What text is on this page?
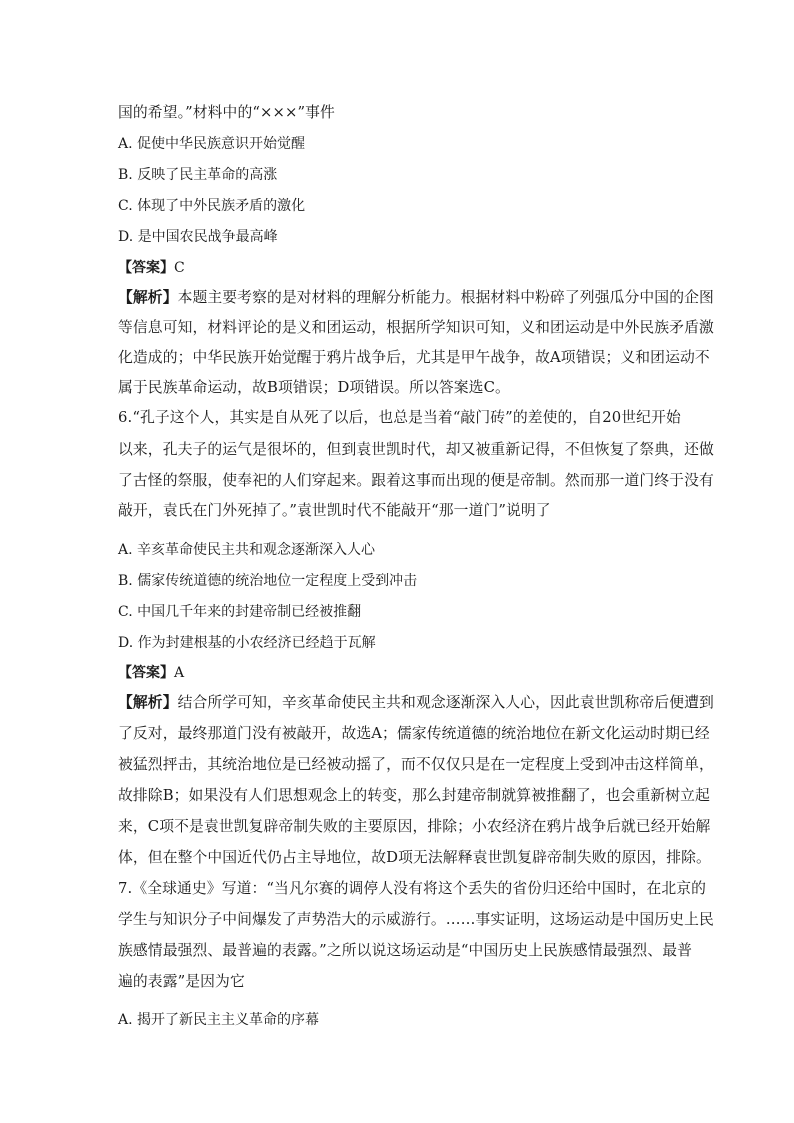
国的希望。”材料中的“×××”事件

A. 促使中华民族意识开始觉醒

B. 反映了民主革命的高涨

C. 体现了中外民族矛盾的激化

D. 是中国农民战争最高峰

【答案】C

【解析】本题主要考察的是对材料的理解分析能力。根据材料中粉碎了列强瓜分中国的企图

等信息可知，材料评论的是义和团运动，根据所学知识可知，义和团运动是中外民族矛盾激

化造成的；中华民族开始觉醒于鸦片战争后，尤其是甲午战争，故A项错误；义和团运动不

属于民族革命运动，故B项错误；D项错误。所以答案选C。

6.“孔子这个人，其实是自从死了以后，也总是当着“敲门砖”的差使的，自20世纪开始

以来，孔夫子的运气是很坏的，但到袁世凯时代，却又被重新记得，不但恢复了祭典，还做

了古怪的祭服，使奉祀的人们穿起来。跟着这事而出现的便是帝制。然而那一道门终于没有

敲开，袁氏在门外死掉了。”袁世凯时代不能敲开“那一道门”说明了

A. 辛亥革命使民主共和观念逐渐深入人心

B. 儒家传统道德的统治地位一定程度上受到冲击

C. 中国几千年来的封建帝制已经被推翻

D. 作为封建根基的小农经济已经趋于瓦解

【答案】A

【解析】结合所学可知，辛亥革命使民主共和观念逐渐深入人心，因此袁世凯称帝后便遭到

了反对，最终那道门没有被敲开，故选A；儒家传统道德的统治地位在新文化运动时期已经

被猛烈抨击，其统治地位是已经被动摇了，而不仅仅只是在一定程度上受到冲击这样简单，

故排除B；如果没有人们思想观念上的转变，那么封建帝制就算被推翻了，也会重新树立起

来，C项不是袁世凯复辟帝制失败的主要原因，排除；小农经济在鸦片战争后就已经开始解

体，但在整个中国近代仍占主导地位，故D项无法解释袁世凯复辟帝制失败的原因，排除。

7.《全球通史》写道：“当凡尔赛的调停人没有将这个丢失的省份归还给中国时，在北京的

学生与知识分子中间爆发了声势浩大的示威游行。……事实证明，这场运动是中国历史上民

族感情最强烈、最普遍的表露。”之所以说这场运动是“中国历史上民族感情最强烈、最普

遍的表露”是因为它

A. 揭开了新民主主义革命的序幕
